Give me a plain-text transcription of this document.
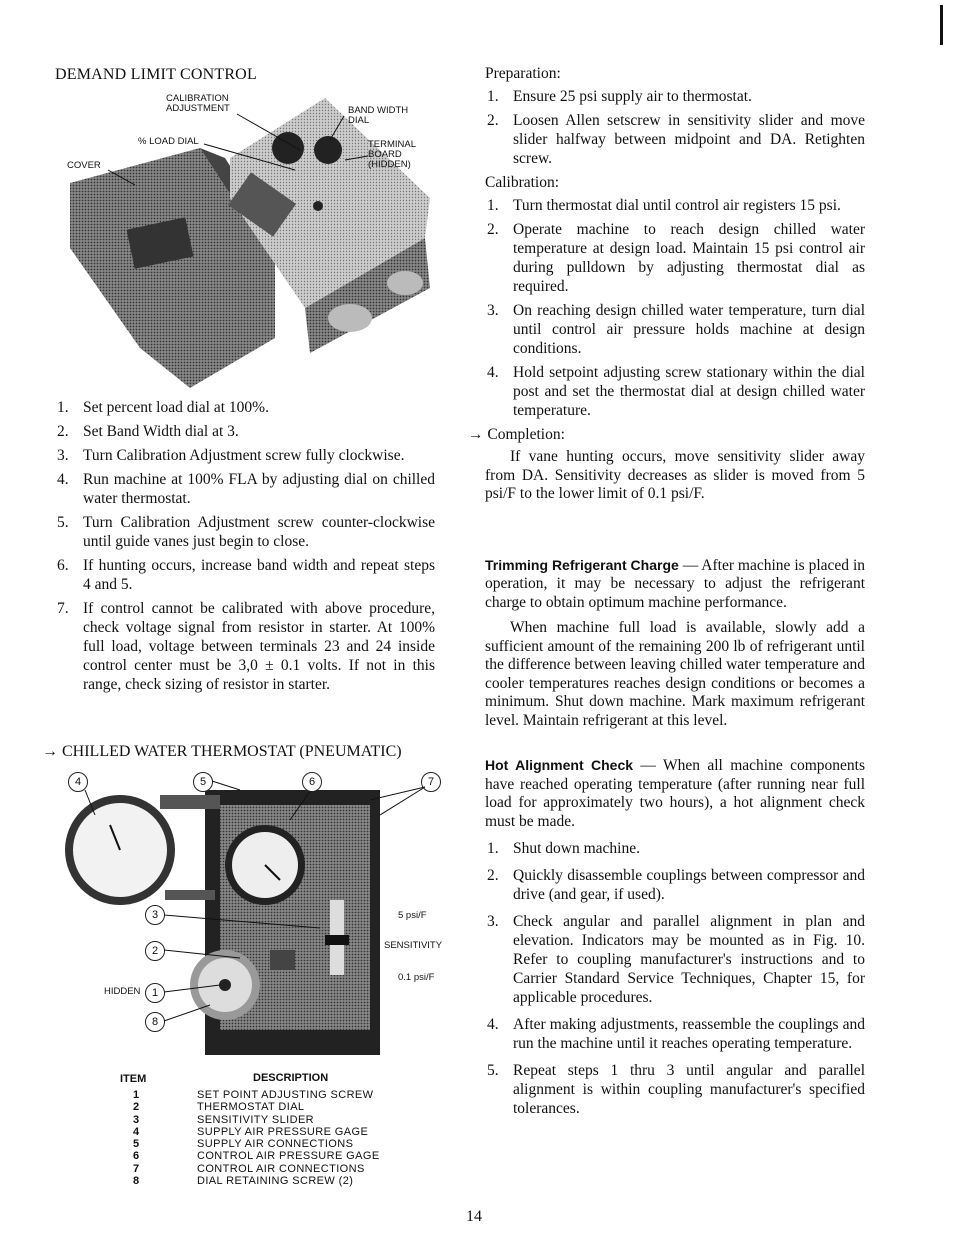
DEMAND LIMIT CONTROL
CALIBRATION
ADJUSTMENT	BAND WIDTH
DIAL
% LOAD DIAL	TERMINAL
BOARD
(HIDDEN)
COVER
1. Set percent load dial at 100%.
2. Set Band Width dial at 3.
3. Turn Calibration Adjustment screw fully clockwise.
4. Run machine at 100% FLA by adjusting dial on chilled water thermostat.
5. Turn Calibration Adjustment screw counter-clockwise until guide vanes just begin to close.
6. If hunting occurs, increase band width and repeat steps 4 and 5.
7. If control cannot be calibrated with above procedure, check voltage signal from resistor in starter. At 100% full load, voltage between terminals 23 and 24 inside control center must be 3,0 ± 0.1 volts. If not in this range, check sizing of resistor in starter.
→ CHILLED WATER THERMOSTAT (PNEUMATIC)
4	5	6	7
3
2
1
8
HIDDEN
5 psi/F
SENSITIVITY
0.1 psi/F
ITEM	DESCRIPTION
1	SET POINT ADJUSTING SCREW
2	THERMOSTAT DIAL
3	SENSITIVITY SLIDER
4	SUPPLY AIR PRESSURE GAGE
5	SUPPLY AIR CONNECTIONS
6	CONTROL AIR PRESSURE GAGE
7	CONTROL AIR CONNECTIONS
8	DIAL RETAINING SCREW (2)

Preparation:

1. Ensure 25 psi supply air to thermostat.
2. Loosen Allen setscrew in sensitivity slider and move slider halfway between midpoint and DA. Retighten screw.

Calibration:

1. Turn thermostat dial until control air registers 15 psi.
2. Operate machine to reach design chilled water temperature at design load. Maintain 15 psi control air during pulldown by adjusting thermostat dial as required.
3. On reaching design chilled water temperature, turn dial until control air pressure holds machine at design conditions.
4. Hold setpoint adjusting screw stationary within the dial post and set the thermostat dial at design chilled water temperature.

→ Completion:

If vane hunting occurs, move sensitivity slider away from DA. Sensitivity decreases as slider is moved from 5 psi/F to the lower limit of 0.1 psi/F.

Trimming Refrigerant Charge — After machine is placed in operation, it may be necessary to adjust the refrigerant charge to obtain optimum machine performance.

When machine full load is available, slowly add a sufficient amount of the remaining 200 lb of refrigerant until the difference between leaving chilled water temperature and cooler temperatures reaches design conditions or becomes a minimum. Shut down machine. Mark maximum refrigerant level. Maintain refrigerant at this level.

Hot Alignment Check — When all machine components have reached operating temperature (after running near full load for approximately two hours), a hot alignment check must be made.

1. Shut down machine.
2. Quickly disassemble couplings between compressor and drive (and gear, if used).
3. Check angular and parallel alignment in plan and elevation. Indicators may be mounted as in Fig. 10. Refer to coupling manufacturer's instructions and to Carrier Standard Service Techniques, Chapter 15, for applicable procedures.
4. After making adjustments, reassemble the couplings and run the machine until it reaches operating temperature.
5. Repeat steps 1 thru 3 until angular and parallel alignment is within coupling manufacturer's specified tolerances.
14
